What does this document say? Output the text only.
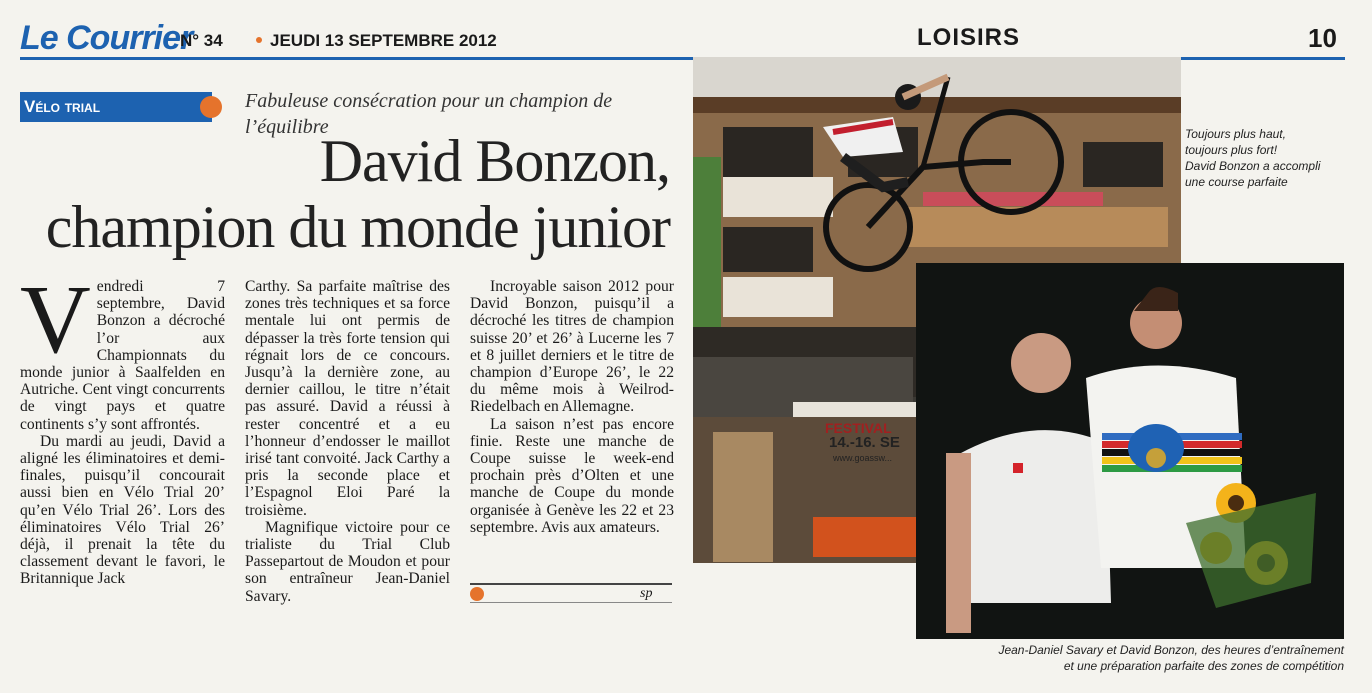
Le Courrier
N° 34	JEUDI 13 SEPTEMBRE 2012	LOISIRS	10
Vélo trial	Fabuleuse consécration pour un champion de l’équilibre
David Bonzon,
champion du monde junior

Vendredi 7 septembre, David Bonzon a décroché l’or aux Championnats du monde junior à Saalfelden en Autriche. Cent vingt concurrents de vingt pays et quatre continents s’y sont affrontés.

Du mardi au jeudi, David a aligné les éliminatoires et demi-finales, puisqu’il concourait aussi bien en Vélo Trial 20’ qu’en Vélo Trial 26’. Lors des éliminatoires Vélo Trial 26’ déjà, il prenait la tête du classement devant le favori, le Britannique Jack

Carthy. Sa parfaite maîtrise des zones très techniques et sa force mentale lui ont permis de dépasser la très forte tension qui régnait lors de ce concours. Jusqu’à la dernière zone, au dernier caillou, le titre n’était pas assuré. David a réussi à rester concentré et a eu l’honneur d’endosser le maillot irisé tant convoité. Jack Carthy a pris la seconde place et l’Espagnol Eloi Paré la troisième.

Magnifique victoire pour ce trialiste du Trial Club Passepartout de Moudon et pour son entraîneur Jean-Daniel Savary.

Incroyable saison 2012 pour David Bonzon, puisqu’il a décroché les titres de champion suisse 20’ et 26’ à Lucerne les 7 et 8 juillet derniers et le titre de champion d’Europe 26’, le 22 du même mois à Weilrod-Riedelbach en Allemagne.

La saison n’est pas encore finie. Reste une manche de Coupe suisse le week-end prochain près d’Olten et une manche de Coupe du monde organisée à Genève les 22 et 23 septembre. Avis aux amateurs.

sp
FESTIVAL
14.-16. SE
www.goassw...
Toujours plus haut,
toujours plus fort!
David Bonzon a accompli
une course parfaite
Jean-Daniel Savary et David Bonzon, des heures d’entraînement
et une préparation parfaite des zones de compétition
